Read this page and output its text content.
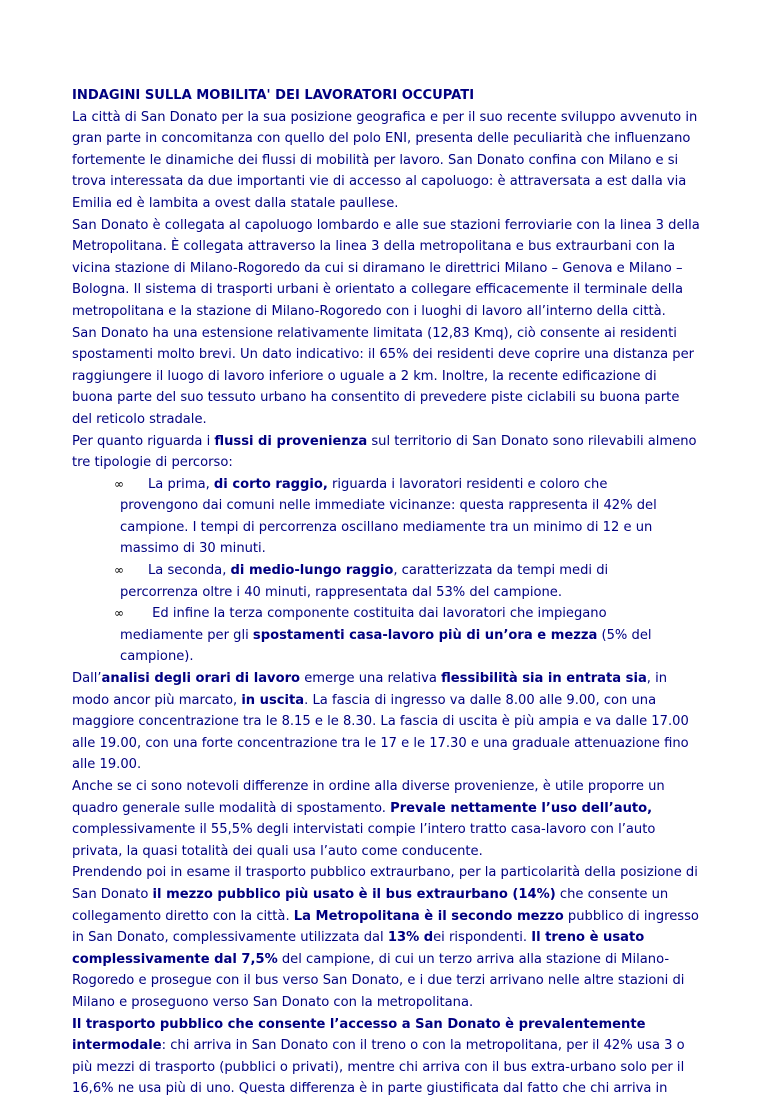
INDAGINI SULLA MOBILITA' DEI LAVORATORI OCCUPATI
La città di San Donato per la sua posizione geografica e per il suo recente sviluppo avvenuto in
gran parte in concomitanza con quello del polo ENI, presenta delle peculiarità che influenzano
fortemente le dinamiche dei flussi di mobilità per lavoro. San Donato confina con Milano e si
trova interessata da due importanti vie di accesso al capoluogo: è attraversata a est dalla via
Emilia ed è lambita a ovest dalla statale paullese.
San Donato è collegata al capoluogo lombardo e alle sue stazioni ferroviarie con la linea 3 della
Metropolitana. È collegata attraverso la linea 3 della metropolitana e bus extraurbani con la
vicina stazione di Milano-Rogoredo da cui si diramano le direttrici Milano – Genova e Milano –
Bologna. Il sistema di trasporti urbani è orientato a collegare efficacemente il terminale della
metropolitana e la stazione di Milano-Rogoredo con i luoghi di lavoro all’interno della città.
San Donato ha una estensione relativamente limitata (12,83 Kmq), ciò consente ai residenti
spostamenti molto brevi. Un dato indicativo: il 65% dei residenti deve coprire una distanza per
raggiungere il luogo di lavoro inferiore o uguale a 2 km. Inoltre, la recente edificazione di
buona parte del suo tessuto urbano ha consentito di prevedere piste ciclabili su buona parte
del reticolo stradale.
Per quanto riguarda i flussi di provenienza sul territorio di San Donato sono rilevabili almeno
tre tipologie di percorso:
∞ La prima, di corto raggio, riguarda i lavoratori residenti e coloro che
provengono dai comuni nelle immediate vicinanze: questa rappresenta il 42% del
campione. I tempi di percorrenza oscillano mediamente tra un minimo di 12 e un
massimo di 30 minuti.
∞ La seconda, di medio-lungo raggio, caratterizzata da tempi medi di
percorrenza oltre i 40 minuti, rappresentata dal 53% del campione.
∞ Ed infine la terza componente costituita dai lavoratori che impiegano
mediamente per gli spostamenti casa-lavoro più di un’ora e mezza (5% del
campione).
Dall’analisi degli orari di lavoro emerge una relativa flessibilità sia in entrata sia, in
modo ancor più marcato, in uscita. La fascia di ingresso va dalle 8.00 alle 9.00, con una
maggiore concentrazione tra le 8.15 e le 8.30. La fascia di uscita è più ampia e va dalle 17.00
alle 19.00, con una forte concentrazione tra le 17 e le 17.30 e una graduale attenuazione fino
alle 19.00.
Anche se ci sono notevoli differenze in ordine alla diverse provenienze, è utile proporre un
quadro generale sulle modalità di spostamento. Prevale nettamente l’uso dell’auto,
complessivamente il 55,5% degli intervistati compie l’intero tratto casa-lavoro con l’auto
privata, la quasi totalità dei quali usa l’auto come conducente.
Prendendo poi in esame il trasporto pubblico extraurbano, per la particolarità della posizione di
San Donato il mezzo pubblico più usato è il bus extraurbano (14%) che consente un
collegamento diretto con la città. La Metropolitana è il secondo mezzo pubblico di ingresso
in San Donato, complessivamente utilizzata dal 13% dei rispondenti. Il treno è usato
complessivamente dal 7,5% del campione, di cui un terzo arriva alla stazione di Milano-
Rogoredo e prosegue con il bus verso San Donato, e i due terzi arrivano nelle altre stazioni di
Milano e proseguono verso San Donato con la metropolitana.
Il trasporto pubblico che consente l’accesso a San Donato è prevalentemente
intermodale: chi arriva in San Donato con il treno o con la metropolitana, per il 42% usa 3 o
più mezzi di trasporto (pubblici o privati), mentre chi arriva con il bus extra-urbano solo per il
16,6% ne usa più di uno. Questa differenza è in parte giustificata dal fatto che chi arriva in
